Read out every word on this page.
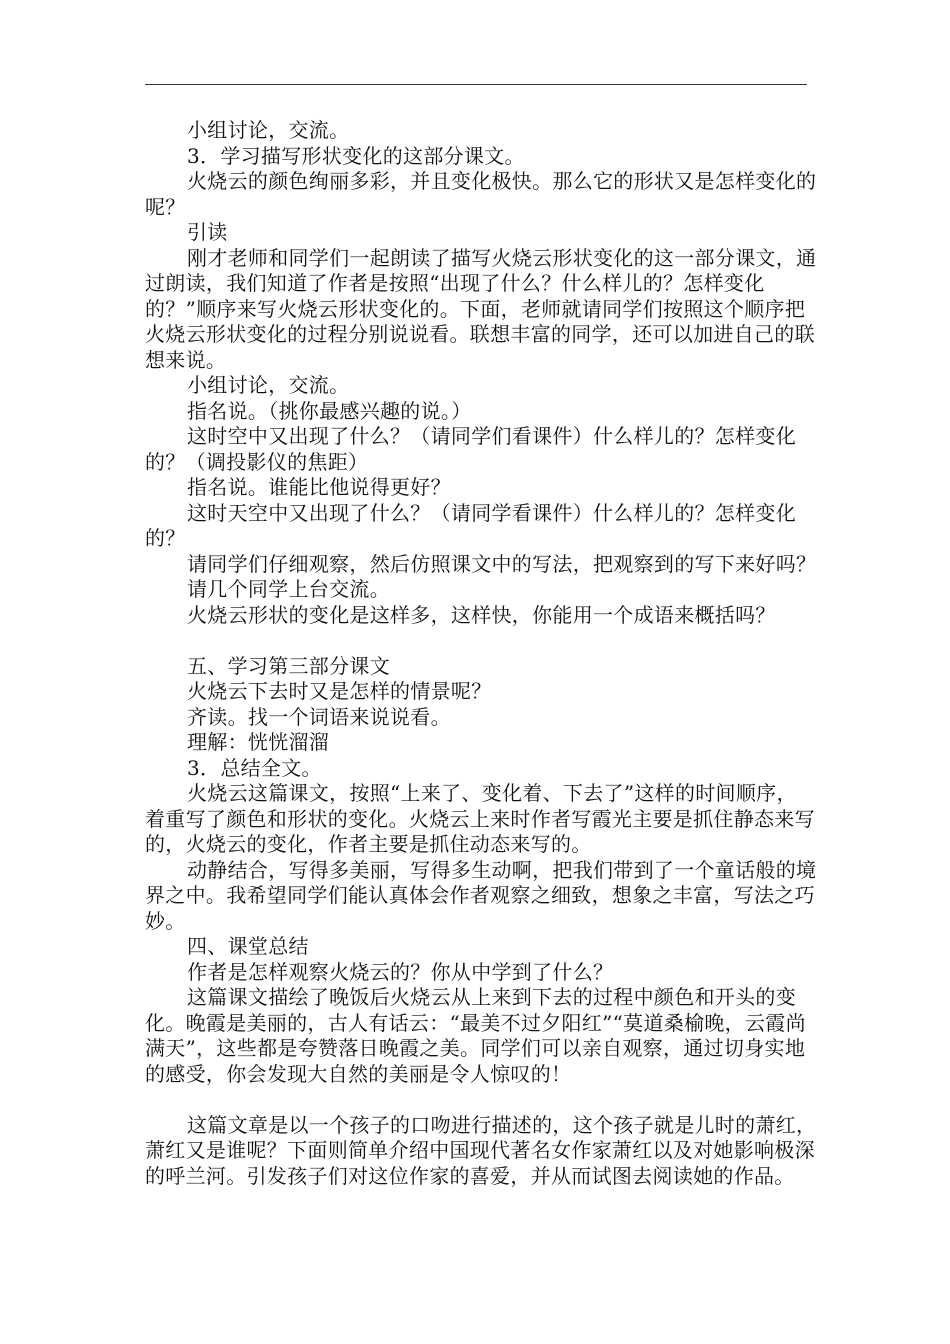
小组讨论，交流。

3．学习描写形状变化的这部分课文。

火烧云的颜色绚丽多彩，并且变化极快。那么它的形状又是怎样变化的呢？

引读

刚才老师和同学们一起朗读了描写火烧云形状变化的这一部分课文，通过朗读，我们知道了作者是按照“出现了什么？什么样儿的？怎样变化的？”顺序来写火烧云形状变化的。下面，老师就请同学们按照这个顺序把火烧云形状变化的过程分别说说看。联想丰富的同学，还可以加进自己的联想来说。

小组讨论，交流。

指名说。（挑你最感兴趣的说。）

这时空中又出现了什么？（请同学们看课件）什么样儿的？怎样变化的？（调投影仪的焦距）

指名说。谁能比他说得更好？

这时天空中又出现了什么？（请同学看课件）什么样儿的？怎样变化的？

请同学们仔细观察，然后仿照课文中的写法，把观察到的写下来好吗？

请几个同学上台交流。

火烧云形状的变化是这样多，这样快，你能用一个成语来概括吗？

五、学习第三部分课文

火烧云下去时又是怎样的情景呢？

齐读。找一个词语来说说看。

理解：恍恍溜溜

3．总结全文。

火烧云这篇课文，按照“上来了、变化着、下去了”这样的时间顺序，着重写了颜色和形状的变化。火烧云上来时作者写霞光主要是抓住静态来写的，火烧云的变化，作者主要是抓住动态来写的。

动静结合，写得多美丽，写得多生动啊，把我们带到了一个童话般的境界之中。我希望同学们能认真体会作者观察之细致，想象之丰富，写法之巧妙。

四、课堂总结

作者是怎样观察火烧云的？你从中学到了什么？

这篇课文描绘了晚饭后火烧云从上来到下去的过程中颜色和开头的变化。晚霞是美丽的，古人有话云：“最美不过夕阳红”“莫道桑榆晚，云霞尚满天”，这些都是夸赞落日晚霞之美。同学们可以亲自观察，通过切身实地的感受，你会发现大自然的美丽是令人惊叹的！

这篇文章是以一个孩子的口吻进行描述的，这个孩子就是儿时的萧红，萧红又是谁呢？下面则简单介绍中国现代著名女作家萧红以及对她影响极深的呼兰河。引发孩子们对这位作家的喜爱，并从而试图去阅读她的作品。
